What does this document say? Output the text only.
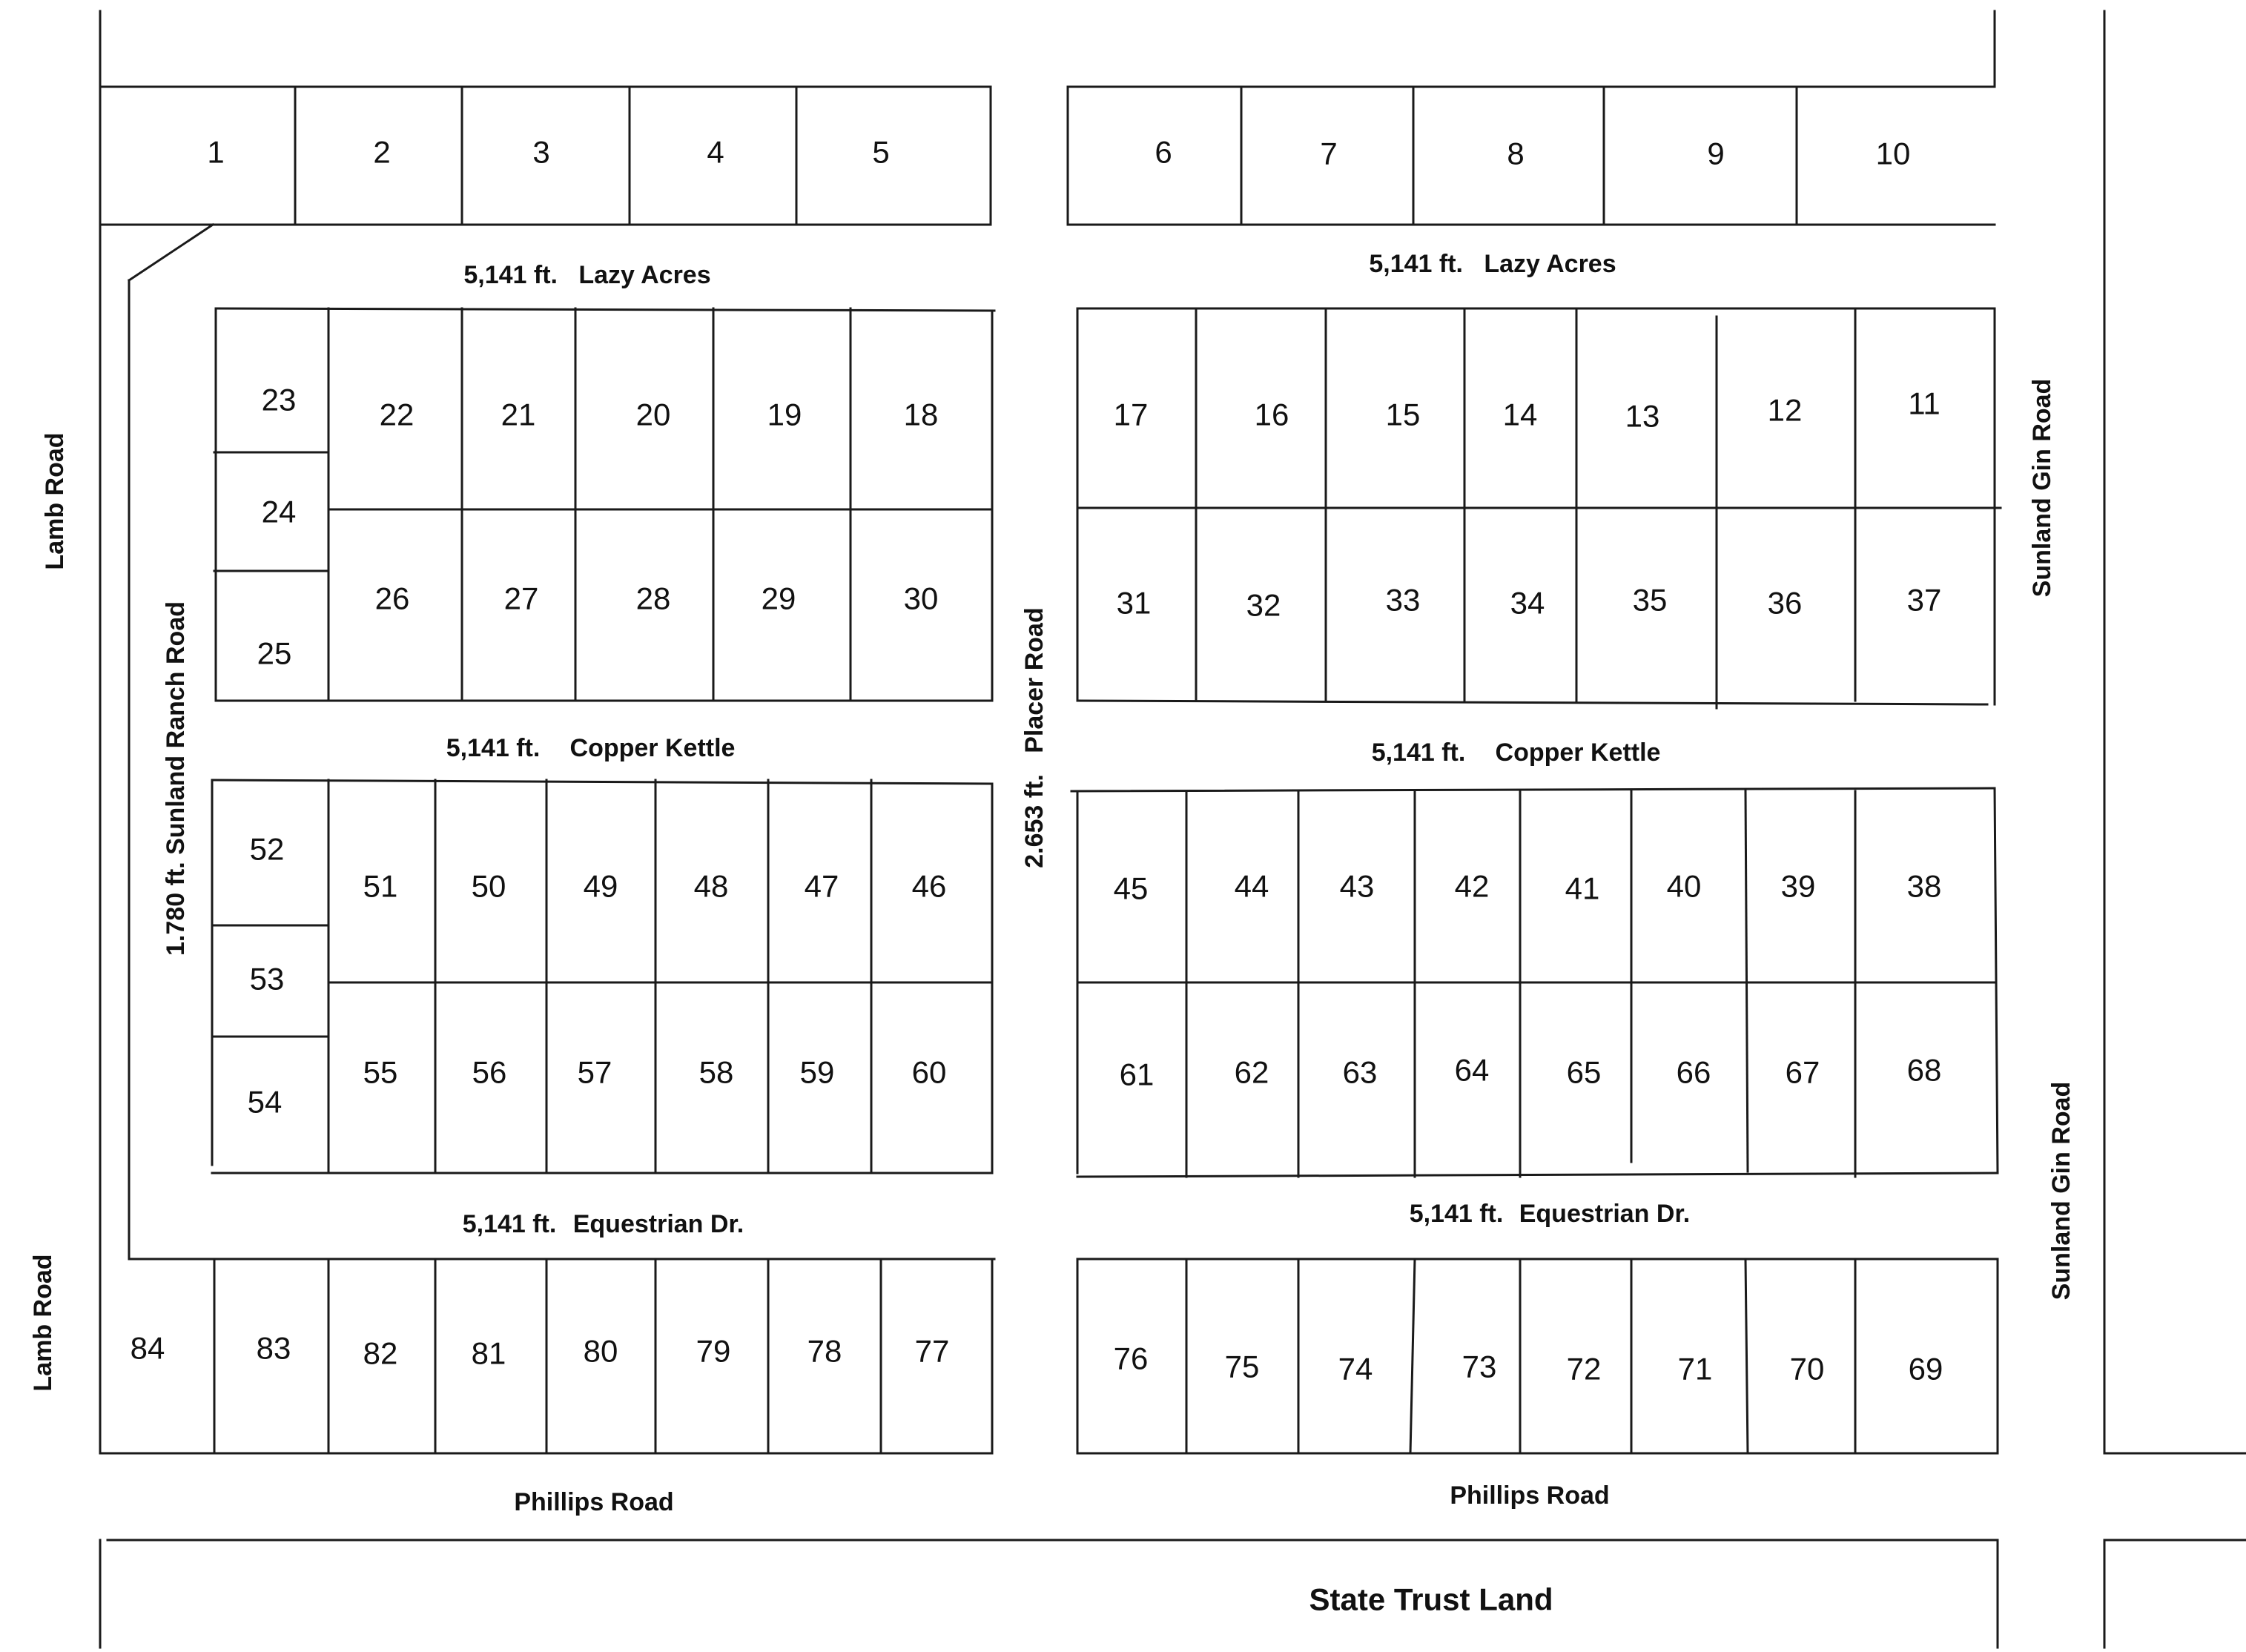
1	2	3	4	5	6	7	8	9	10
11
12
13
14
15
16
17
18
19
20
21
22
23
24
25
26	27	28	29	30	31	32	33	34	35	36	37
38
39
40
41
42
43
44
45
46
47
48
49
50
51
52
53
54
55 56 57	58 59 60	61	62 63 64 65 66 67	68
69
70
71
72
73
74
75
76
77
78
79
80
81
82
83
84
Lamb Road
Lamb Road
5,141 ft.   Lazy Acres	5,141 ft.   Lazy Acres
5,141 ft. Copper Kettle	5,141 ft. Copper Kettle
5,141 ft. Equestrian Dr.	5,141 ft. Equestrian Dr.
1.780 ft. Sunland Ranch Road	2.653 ft.   Placer Road
Sunland Gin Road
Sunland Gin Road
Phillips Road	Phillips Road
State Trust Land
